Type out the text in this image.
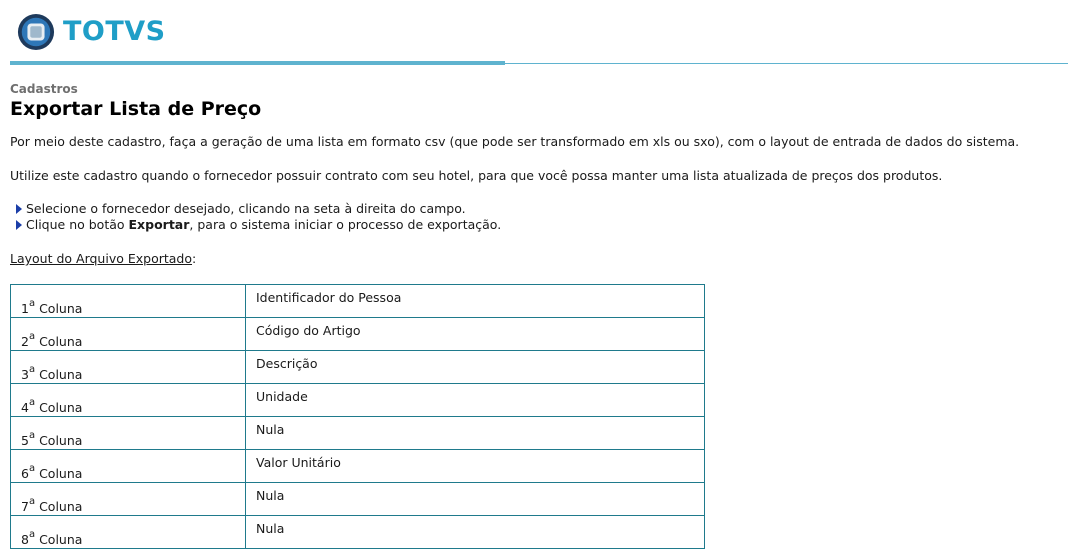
TOTVS
Cadastros
Exportar Lista de Preço

Por meio deste cadastro, faça a geração de uma lista em formato csv (que pode ser transformado em xls ou sxo), com o layout de entrada de dados do sistema.

Utilize este cadastro quando o fornecedor possuir contrato com seu hotel, para que você possa manter uma lista atualizada de preços dos produtos.

Selecione o fornecedor desejado, clicando na seta à direita do campo.
Clique no botão Exportar , para o sistema iniciar o processo de exportação.
Layout do Arquivo Exportado:
1$^a$ Coluna	Identificador do Pessoa
2$^a$ Coluna	Código do Artigo
3$^a$ Coluna	Descrição
4$^a$ Coluna	Unidade
5$^a$ Coluna	Nula
6$^a$ Coluna	Valor Unitário
7$^a$ Coluna	Nula
8$^a$ Coluna	Nula
